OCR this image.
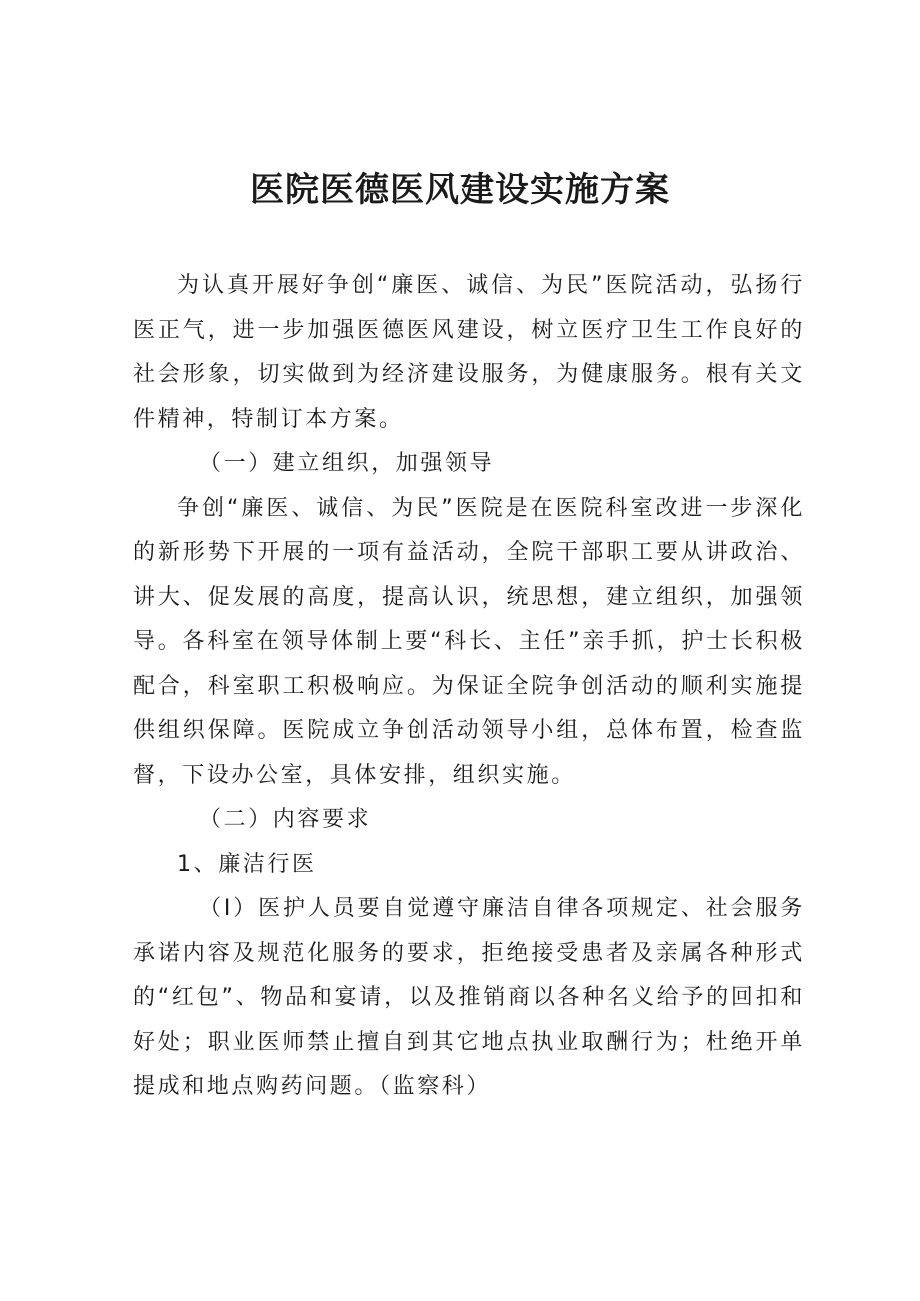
医院医德医风建设实施方案

为认真开展好争创“廉医、诚信、为民”医院活动，弘扬行医正气，进一步加强医德医风建设，树立医疗卫生工作良好的社会形象，切实做到为经济建设服务，为健康服务。根有关文件精神，特制订本方案。

（一）建立组织，加强领导

争创“廉医、诚信、为民”医院是在医院科室改进一步深化的新形势下开展的一项有益活动，全院干部职工要从讲政治、讲大、促发展的高度，提高认识，统思想，建立组织，加强领导。各科室在领导体制上要“科长、主任”亲手抓，护士长积极配合，科室职工积极响应。为保证全院争创活动的顺利实施提供组织保障。医院成立争创活动领导小组，总体布置，检查监督，下设办公室，具体安排，组织实施。

（二）内容要求

1、廉洁行医

（I）医护人员要自觉遵守廉洁自律各项规定、社会服务承诺内容及规范化服务的要求，拒绝接受患者及亲属各种形式的“红包”、物品和宴请，以及推销商以各种名义给予的回扣和好处；职业医师禁止擅自到其它地点执业取酬行为；杜绝开单提成和地点购药问题。（监察科）
